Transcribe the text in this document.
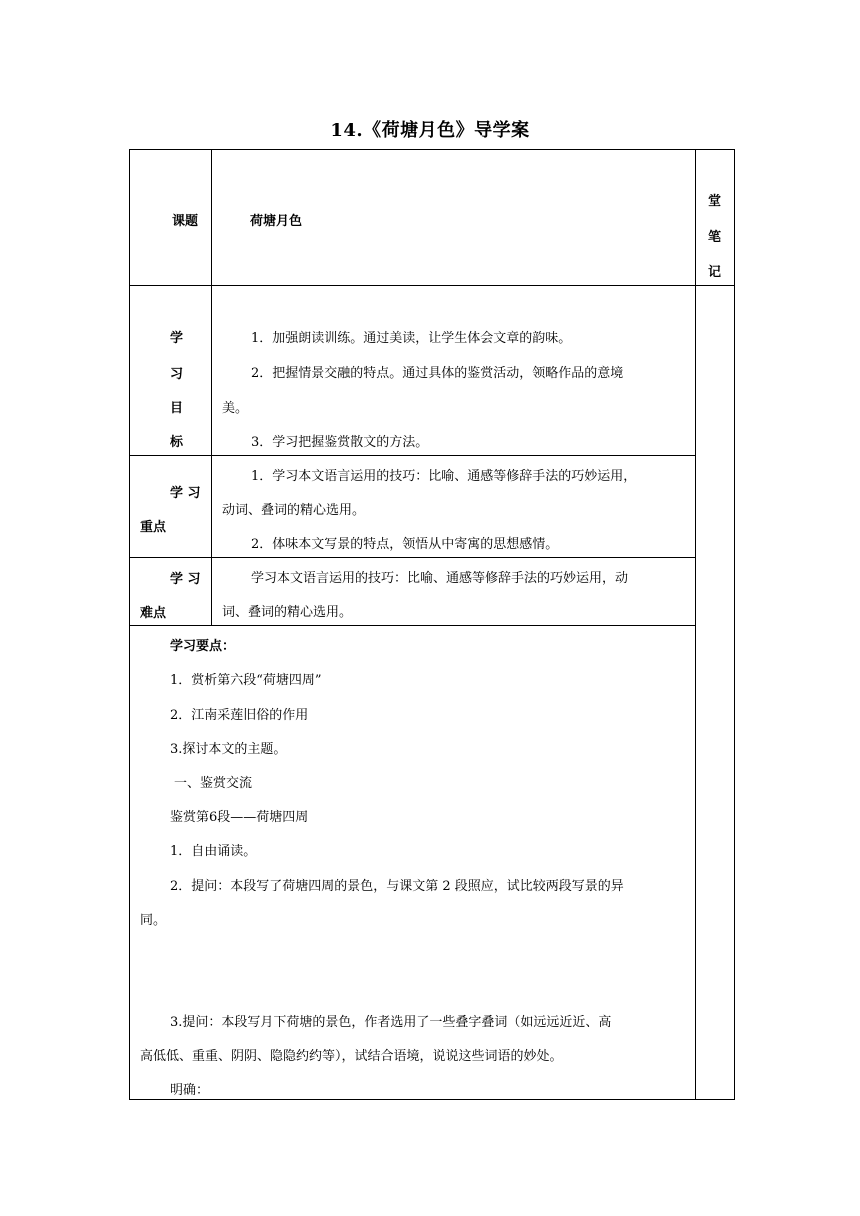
14.《荷塘月色》导学案
堂
笔
记
课题	荷塘月色
学
习
目
标
1．加强朗读训练。通过美读，让学生体会文章的韵味。
2．把握情景交融的特点。通过具体的鉴赏活动，领略作品的意境
美。
3．学习把握鉴赏散文的方法。
学 习
重点
1．学习本文语言运用的技巧：比喻、通感等修辞手法的巧妙运用，
动词、叠词的精心选用。
2．体味本文写景的特点，领悟从中寄寓的思想感情。
学 习
难点
学习本文语言运用的技巧：比喻、通感等修辞手法的巧妙运用，动
词、叠词的精心选用。
学习要点：
1．赏析第六段“荷塘四周”
2．江南采莲旧俗的作用
3.探讨本文的主题。
一、鉴赏交流
鉴赏第6段——荷塘四周
1．自由诵读。
2．提问：本段写了荷塘四周的景色，与课文第 2 段照应，试比较两段写景的异
同。
3.提问：本段写月下荷塘的景色，作者选用了一些叠字叠词（如远远近近、高
高低低、重重、阴阴、隐隐约约等），试结合语境，说说这些词语的妙处。
明确：
